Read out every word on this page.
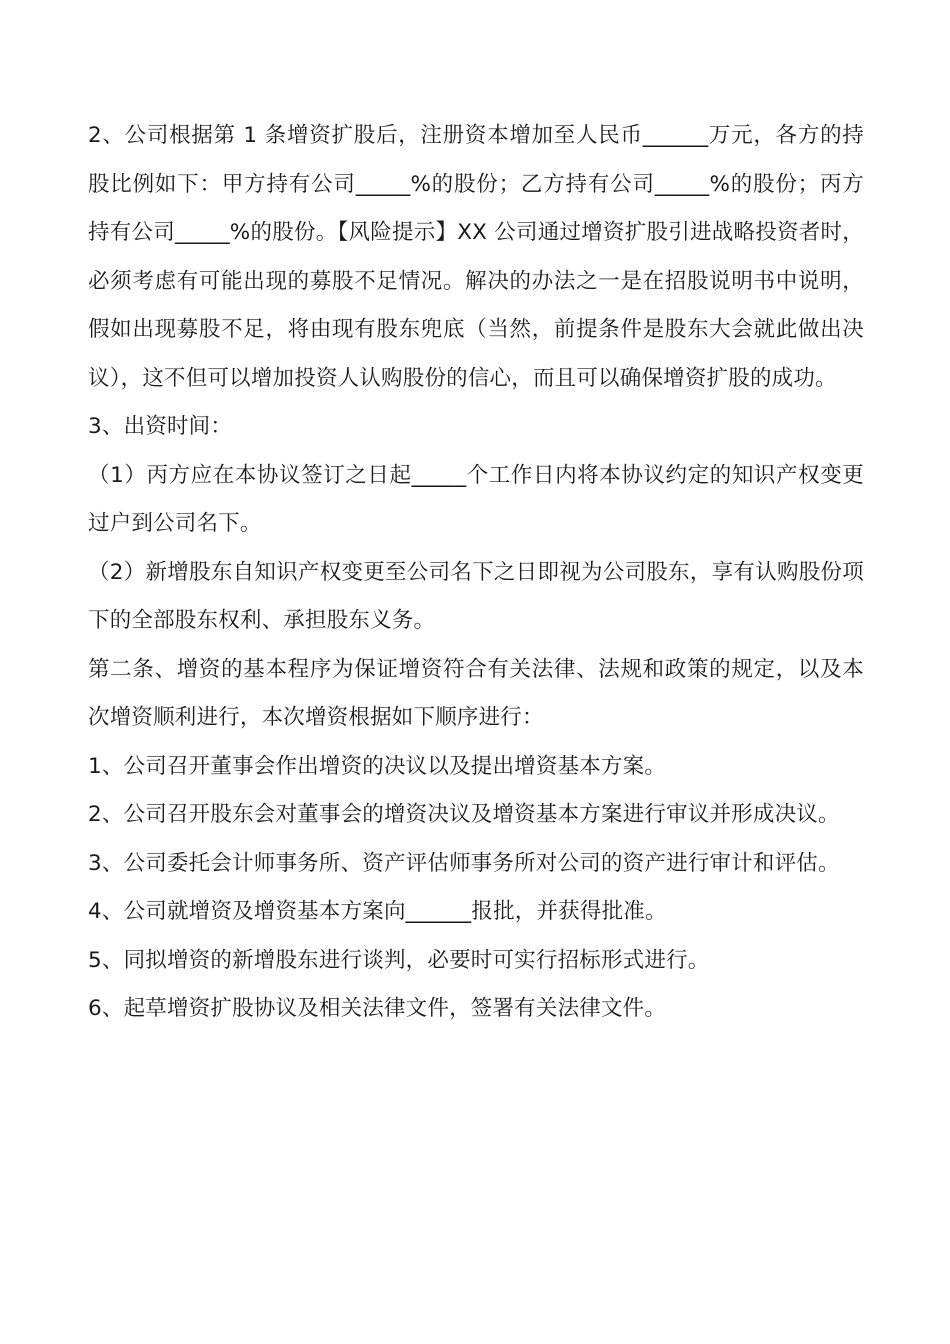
2、公司根据第 1 条增资扩股后，注册资本增加至人民币______万元，各方的持股比例如下：甲方持有公司_____%的股份；乙方持有公司_____%的股份；丙方持有公司_____%的股份。【风险提示】XX 公司通过增资扩股引进战略投资者时，必须考虑有可能出现的募股不足情况。解决的办法之一是在招股说明书中说明，假如出现募股不足，将由现有股东兜底（当然，前提条件是股东大会就此做出决议），这不但可以增加投资人认购股份的信心，而且可以确保增资扩股的成功。

3、出资时间：

（1）丙方应在本协议签订之日起_____个工作日内将本协议约定的知识产权变更过户到公司名下。

（2）新增股东自知识产权变更至公司名下之日即视为公司股东，享有认购股份项下的全部股东权利、承担股东义务。

第二条、增资的基本程序为保证增资符合有关法律、法规和政策的规定，以及本次增资顺利进行，本次增资根据如下顺序进行：

1、公司召开董事会作出增资的决议以及提出增资基本方案。

2、公司召开股东会对董事会的增资决议及增资基本方案进行审议并形成决议。

3、公司委托会计师事务所、资产评估师事务所对公司的资产进行审计和评估。

4、公司就增资及增资基本方案向______报批，并获得批准。

5、同拟增资的新增股东进行谈判，必要时可实行招标形式进行。

6、起草增资扩股协议及相关法律文件，签署有关法律文件。
